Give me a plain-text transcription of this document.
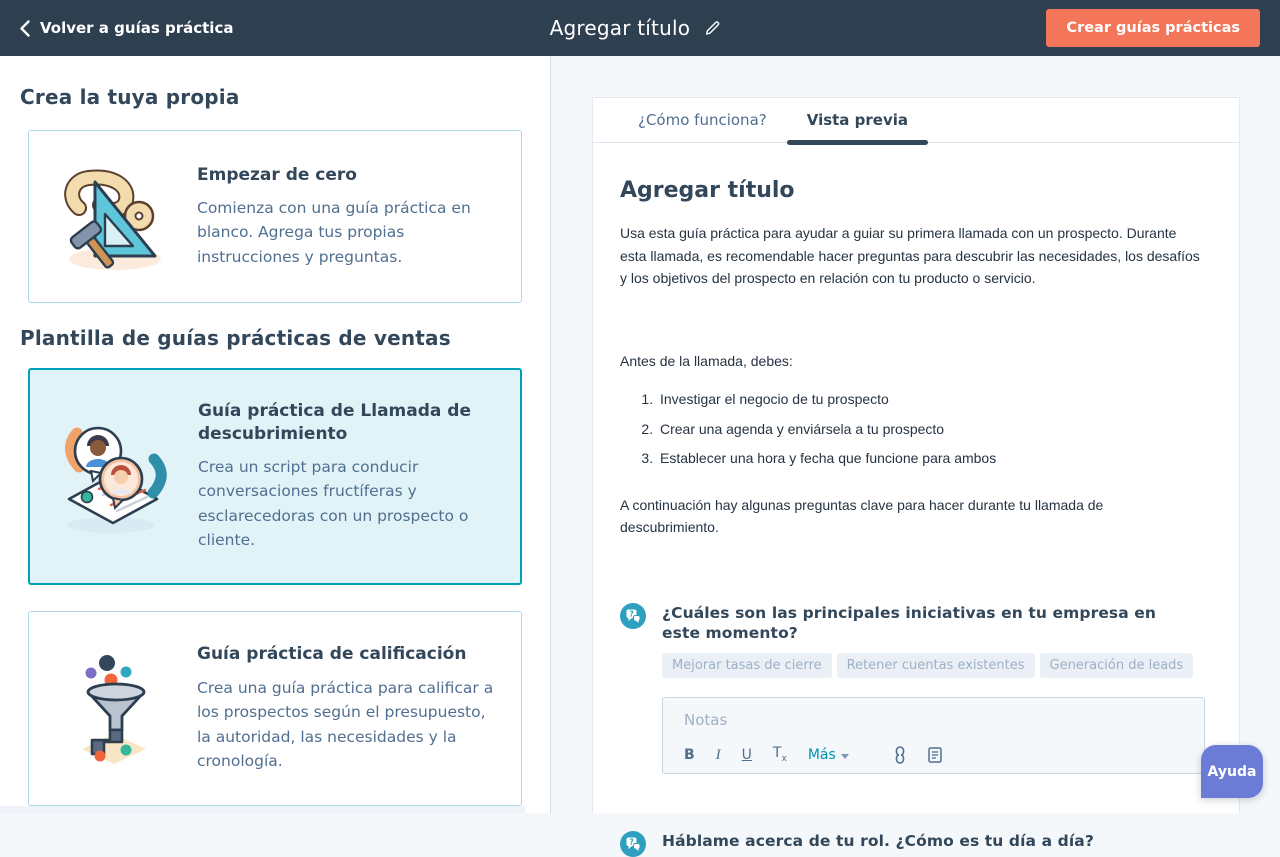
Volver a guías práctica	Agregar título	Crear guías prácticas
Crea la tuya propia
Empezar de cero
Comienza con una guía práctica en blanco. Agrega tus propias instrucciones y preguntas.
Plantilla de guías prácticas de ventas
Guía práctica de Llamada de descubrimiento
Crea un script para conducir conversaciones fructíferas y esclarecedoras con un prospecto o cliente.
Guía práctica de calificación
Crea una guía práctica para calificar a los prospectos según el presupuesto, la autoridad, las necesidades y la cronología.
¿Cómo funciona?	Vista previa
Agregar título

Usa esta guía práctica para ayudar a guiar su primera llamada con un prospecto. Durante esta llamada, es recomendable hacer preguntas para descubrir las necesidades, los desafíos y los objetivos del prospecto en relación con tu producto o servicio.

Antes de la llamada, debes:

1. Investigar el negocio de tu prospecto
2. Crear una agenda y enviársela a tu prospecto
3. Establecer una hora y fecha que funcione para ambos

A continuación hay algunas preguntas clave para hacer durante tu llamada de descubrimiento.

? ¿Cuáles son las principales iniciativas en tu empresa en este momento?
Mejorar tasas de cierre	Retener cuentas existentes	Generación de leads
Notas
B I U $T_x$ Más
? Háblame acerca de tu rol. ¿Cómo es tu día a día?
Ayuda
